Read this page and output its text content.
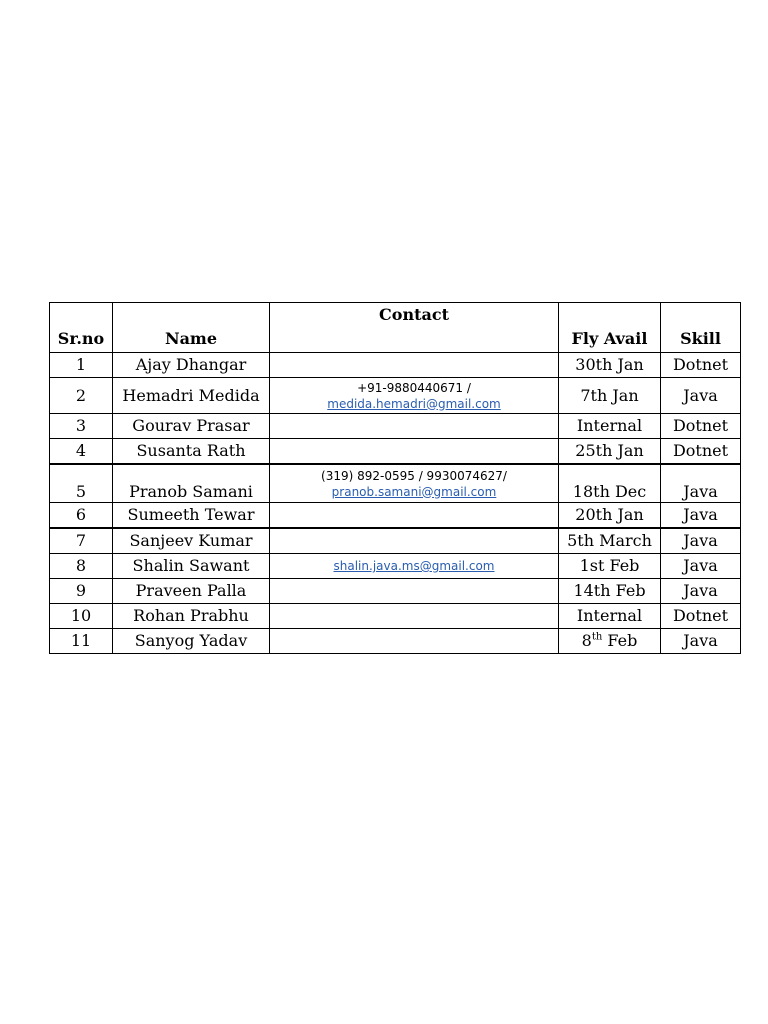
Sr.no	Name	Contact	Fly Avail	Skill
1	Ajay Dhangar		30th Jan	Dotnet
2	Hemadri Medida	+91-9880440671 /
medida.hemadri@gmail.com	7th Jan	Java
3	Gourav Prasar		Internal	Dotnet
4	Susanta Rath		25th Jan	Dotnet
5	Pranob Samani	(319) 892-0595 / 9930074627/
pranob.samani@gmail.com	18th Dec	Java
6	Sumeeth Tewar		20th Jan	Java
7	Sanjeev Kumar		5th March	Java
8	Shalin Sawant	shalin.java.ms@gmail.com	1st Feb	Java
9	Praveen Palla		14th Feb	Java
10	Rohan Prabhu		Internal	Dotnet
11	Sanyog Yadav		8th Feb	Java
